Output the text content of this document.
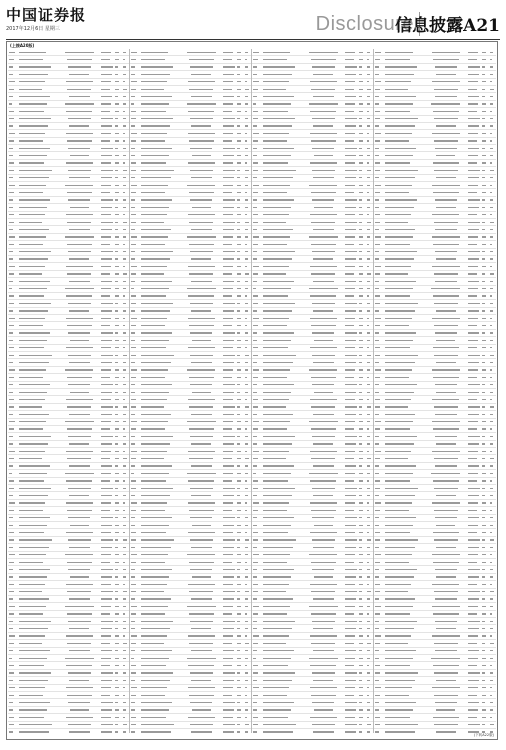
中国证券报
2017年12月6日 星期三	Disclosure
信息披露A21
(上接A20版)
(下转A22版)
